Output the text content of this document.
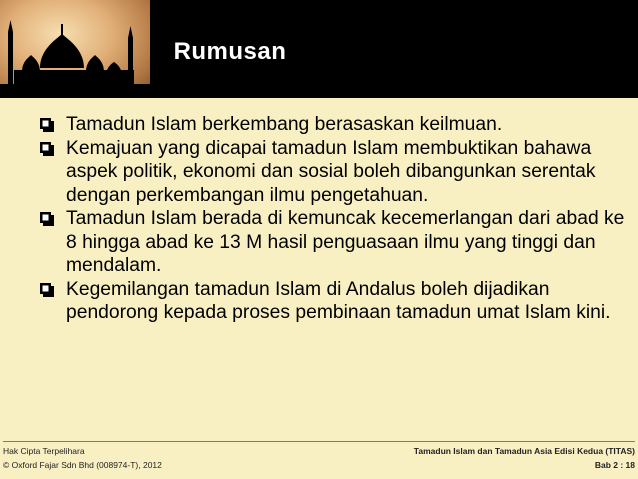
Rumusan
Tamadun Islam berkembang berasaskan keilmuan.
Kemajuan yang dicapai tamadun Islam membuktikan bahawa aspek politik, ekonomi dan sosial boleh dibangunkan serentak dengan perkembangan ilmu pengetahuan.
Tamadun Islam berada di kemuncak kecemerlangan dari abad ke 8 hingga abad ke 13 M hasil penguasaan ilmu yang tinggi dan mendalam.
Kegemilangan tamadun Islam di Andalus boleh dijadikan pendorong kepada proses pembinaan tamadun umat Islam kini.
Hak Cipta Terpelihara
© Oxford Fajar Sdn Bhd (008974-T), 2012
Tamadun Islam dan Tamadun Asia Edisi Kedua (TITAS)
Bab 2 : 18
